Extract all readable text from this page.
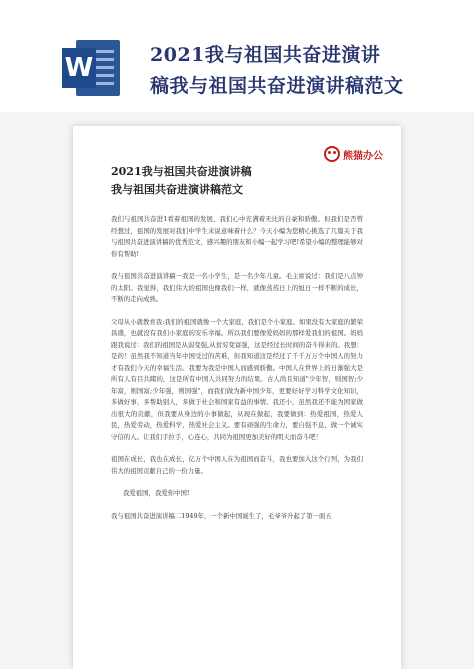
W	2021我与祖国共奋进演讲
稿我与祖国共奋进演讲稿范文
熊猫办公
2021我与祖国共奋进演讲稿
我与祖国共奋进演讲稿范文

我们与祖国共奋进1看着祖国的发展，我们心中充满着无比的自豪和骄傲。但我们是否曾经想过，祖国的发展对我们中学生来说意味着什么？今天小编为您精心挑选了几篇关于我与祖国共奋进演讲稿的优秀范文，感兴趣的朋友和小编一起学习吧!希望小编的整理能够对你有帮助!

我与祖国共奋进演讲稿一我是一名小学生，是一名少年儿童。毛主席说过：我们是八点钟的太阳。我觉得，我们伟大的祖国也像我们一样，就像蒸蒸日上的旭日一样不断的成长，不断的走向成熟。

父母从小就教育我:我们的祖国就像一个大家庭，我们是个小家庭。如果没有大家庭的繁荣昌盛，也就没有我们小家庭的安乐幸福。所以我们要像爱妈妈的那样爱我们的祖国。妈妈跟我说过：我们的祖国是从弱变强,从贫穷变富强，这是经过长时间的奋斗得来的。我想：是的！虽然我不知道当年中国受过的苦难，但我知道这是经过了千千万万个中国人的努力才有我们今天的幸福生活。我要为我是中国人而感到骄傲。中国人在世界上的日渐强大是所有人有目共睹的，这是所有中国人共同努力的结果。古人尚且知道"少年智，则国智;少年富，则国富;少年强，则国强"，而我们做为新中国少年，更要好好学习科学文化知识，多做好事，多帮助别人，多做于社会和国家有益的事情。我还小，虽然我还不能为国家做出很大的贡献，但我要从身边的小事做起，从现在做起，我要做到：热爱祖国，热爱人民，热爱劳动，热爱科学，热爱社会主义。要有顽强的生命力，要自强不息，做一个诚实守信的人。让我们手拉手，心连心，共同为祖国更加美好的明天而奋斗吧！

祖国在成长，我也在成长，亿万个中国人在为祖国而奋斗，我也要加入这个行列，为我们伟大的祖国贡献自己的一份力量。

我爱祖国，我爱你中国!

我与祖国共奋进演讲稿二1949年，一个新中国诞生了，毛爷爷升起了第一面五
